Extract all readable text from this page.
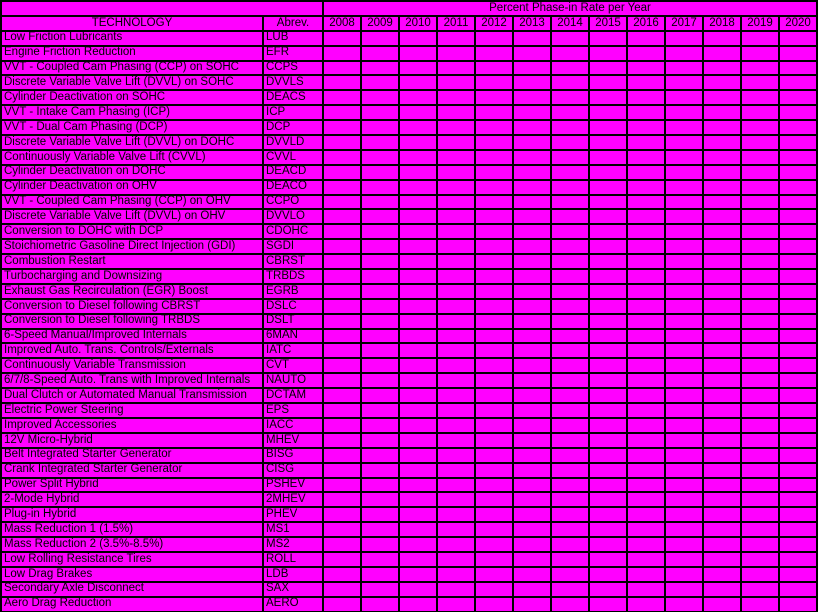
		Percent Phase-in Rate per Year												
TECHNOLOGY	Abrev.	2008	2009	2010	2011	2012	2013	2014	2015	2016	2017	2018	2019	2020
Low Friction Lubricants	LUB													
Engine Friction Reduction	EFR													
VVT - Coupled Cam Phasing (CCP) on SOHC	CCPS													
Discrete Variable Valve Lift (DVVL) on SOHC	DVVLS													
Cylinder Deactivation on SOHC	DEACS													
VVT - Intake Cam Phasing (ICP)	ICP													
VVT - Dual Cam Phasing (DCP)	DCP													
Discrete Variable Valve Lift (DVVL) on DOHC	DVVLD													
Continuously Variable Valve Lift (CVVL)	CVVL													
Cylinder Deactivation on DOHC	DEACD													
Cylinder Deactivation on OHV	DEACO													
VVT - Coupled Cam Phasing (CCP) on OHV	CCPO													
Discrete Variable Valve Lift (DVVL) on OHV	DVVLO													
Conversion to DOHC with DCP	CDOHC													
Stoichiometric Gasoline Direct Injection (GDI)	SGDI													
Combustion Restart	CBRST													
Turbocharging and Downsizing	TRBDS													
Exhaust Gas Recirculation (EGR) Boost	EGRB													
Conversion to Diesel following CBRST	DSLC													
Conversion to Diesel following TRBDS	DSLT													
6-Speed Manual/Improved Internals	6MAN													
Improved Auto. Trans. Controls/Externals	IATC													
Continuously Variable Transmission	CVT													
6/7/8-Speed Auto. Trans with Improved Internals	NAUTO													
Dual Clutch or Automated Manual Transmission	DCTAM													
Electric Power Steering	EPS													
Improved Accessories	IACC													
12V Micro-Hybrid	MHEV													
Belt Integrated Starter Generator	BISG													
Crank Integrated Starter Generator	CISG													
Power Split Hybrid	PSHEV													
2-Mode Hybrid	2MHEV													
Plug-in Hybrid	PHEV													
Mass Reduction 1 (1.5%)	MS1													
Mass Reduction 2 (3.5%-8.5%)	MS2													
Low Rolling Resistance Tires	ROLL													
Low Drag Brakes	LDB													
Secondary Axle Disconnect	SAX													
Aero Drag Reduction	AERO													
